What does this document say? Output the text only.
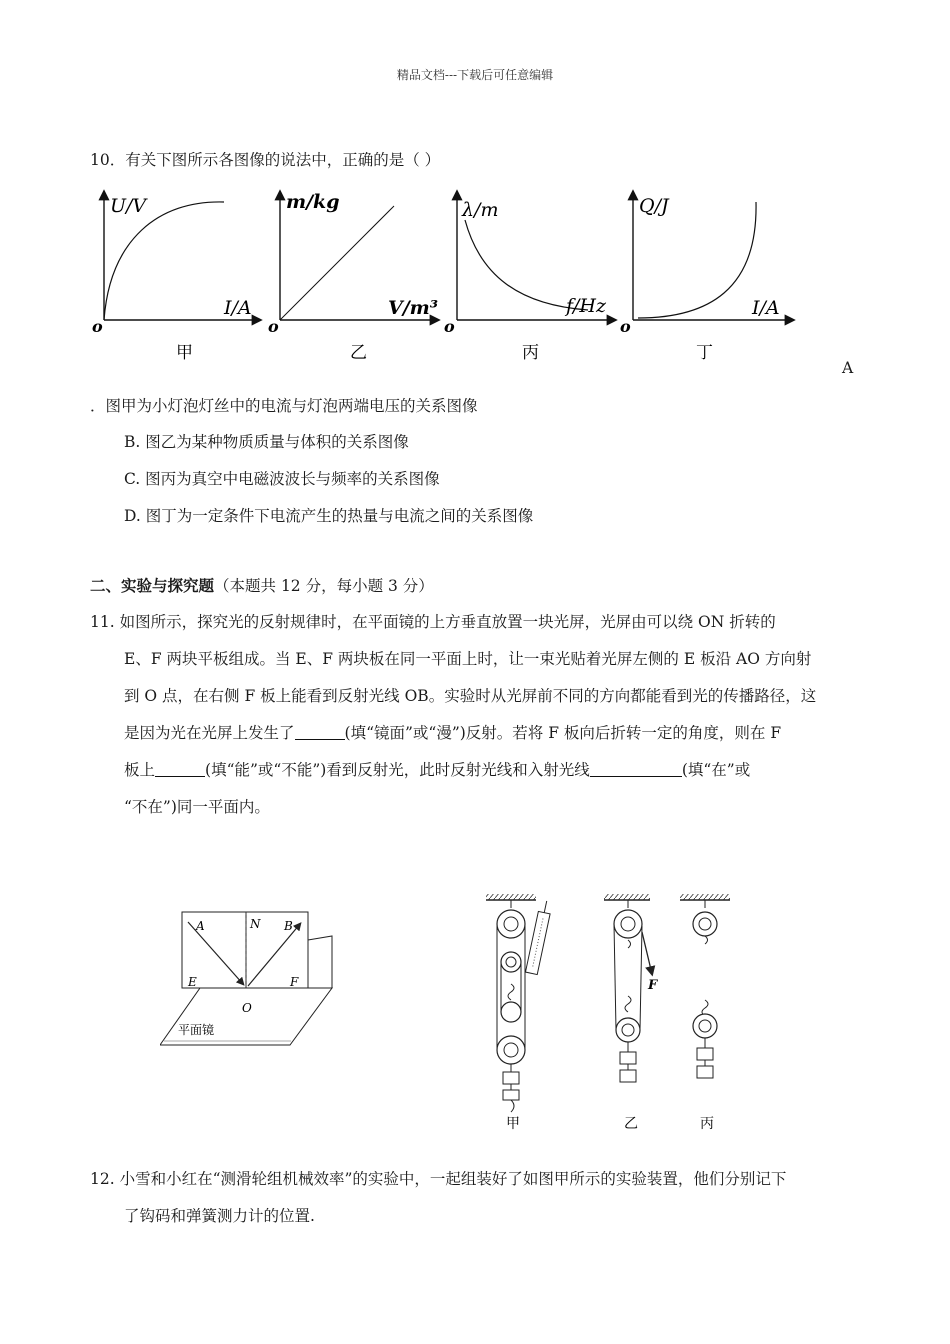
精品文档---下载后可任意编辑
10．有关下图所示各图像的说法中，正确的是（ ）
U/V
I/A
o
甲
m/kg
V/m³
o
乙
λ/m
f/Hz
o
丙
Q/J
I/A
o
丁
A
．图甲为小灯泡灯丝中的电流与灯泡两端电压的关系图像
B. 图乙为某种物质质量与体积的关系图像
C. 图丙为真空中电磁波波长与频率的关系图像
D. 图丁为一定条件下电流产生的热量与电流之间的关系图像
二、实验与探究题（本题共 12 分，每小题 3 分）
11. 如图所示，探究光的反射规律时，在平面镜的上方垂直放置一块光屏，光屏由可以绕 ON 折转的
E、F 两块平板组成。当 E、F 两块板在同一平面上时，让一束光贴着光屏左侧的 E 板沿 AO 方向射
到 O 点，在右侧 F 板上能看到反射光线 OB。实验时从光屏前不同的方向都能看到光的传播路径，这
是因为光在光屏上发生了	(填“镜面”或“漫”)反射。若将 F 板向后折转一定的角度，则在 F
板上	(填“能”或“不能”)看到反射光，此时反射光线和入射光线	(填“在”或
“不在”)同一平面内。
A	N B
E	F
O
平面镜
甲
F
乙	丙
12. 小雪和小红在“测滑轮组机械效率”的实验中，一起组装好了如图甲所示的实验装置，他们分别记下
了钩码和弹簧测力计的位置.
